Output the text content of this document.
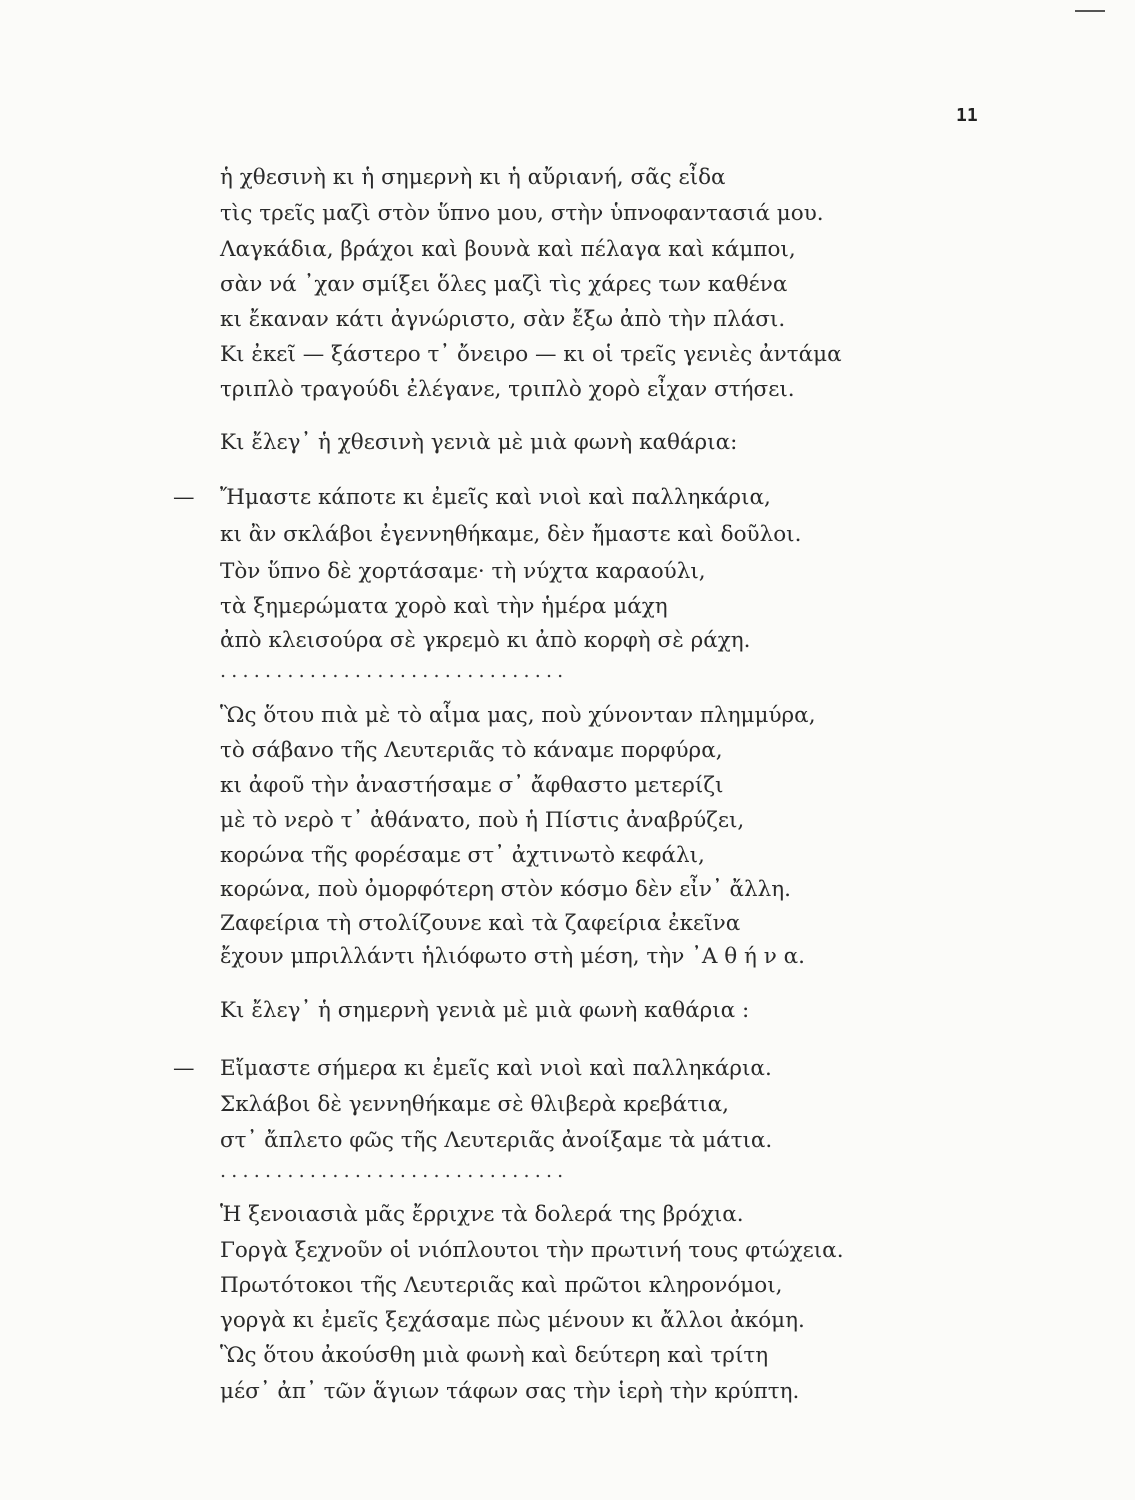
11
ἡ χθεσινὴ κι ἡ σημερνὴ κι ἡ αὔριανή, σᾶς εἶδα
τὶς τρεῖς μαζὶ στὸν ὕπνο μου, στὴν ὑπνοφαντασιά μου.
Λαγκάδια, βράχοι καὶ βουνὰ καὶ πέλαγα καὶ κάμποι,
σὰν νά ᾽χαν σμίξει ὅλες μαζὶ τὶς χάρες των καθένα
κι ἔκαναν κάτι ἀγνώριστο, σὰν ἔξω ἀπὸ τὴν πλάσι.
Κι ἐκεῖ — ξάστερο τ᾽ ὄνειρο — κι οἱ τρεῖς γενιὲς ἀντάμα
τριπλὸ τραγούδι ἐλέγανε, τριπλὸ χορὸ εἶχαν στήσει.
Κι ἔλεγ᾽ ἡ χθεσινὴ γενιὰ μὲ μιὰ φωνὴ καθάρια:
— Ἤμαστε κάποτε κι ἐμεῖς καὶ νιοὶ καὶ παλληκάρια,
κι ἂν σκλάβοι ἐγεννηθήκαμε, δὲν ἤμαστε καὶ δοῦλοι.
Τὸν ὕπνο δὲ χορτάσαμε· τὴ νύχτα καραούλι,
τὰ ξημερώματα χορὸ καὶ τὴν ἡμέρα μάχη
ἀπὸ κλεισούρα σὲ γκρεμὸ κι ἀπὸ κορφὴ σὲ ράχη.
...............................
Ὣς ὅτου πιὰ μὲ τὸ αἷμα μας, ποὺ χύνονταν πλημμύρα,
τὸ σάβανο τῆς Λευτεριᾶς τὸ κάναμε πορφύρα,
κι ἀφοῦ τὴν ἀναστήσαμε σ᾽ ἄφθαστο μετερίζι
μὲ τὸ νερὸ τ᾽ ἀθάνατο, ποὺ ἡ Πίστις ἀναβρύζει,
κορώνα τῆς φορέσαμε στ᾽ ἀχτινωτὸ κεφάλι,
κορώνα, ποὺ ὀμορφότερη στὸν κόσμο δὲν εἶν᾽ ἄλλη.
Ζαφείρια τὴ στολίζουνε καὶ τὰ ζαφείρια ἐκεῖνα
ἔχουν μπριλλάντι ἡλιόφωτο στὴ μέση, τὴν ᾽Α θ ή ν α.
Κι ἔλεγ᾽ ἡ σημερνὴ γενιὰ μὲ μιὰ φωνὴ καθάρια :
— Εἴμαστε σήμερα κι ἐμεῖς καὶ νιοὶ καὶ παλληκάρια.
Σκλάβοι δὲ γεννηθήκαμε σὲ θλιβερὰ κρεβάτια,
στ᾽ ἄπλετο φῶς τῆς Λευτεριᾶς ἀνοίξαμε τὰ μάτια.
...............................
Ἡ ξενοιασιὰ μᾶς ἔρριχνε τὰ δολερά της βρόχια.
Γοργὰ ξεχνοῦν οἱ νιόπλουτοι τὴν πρωτινή τους φτώχεια.
Πρωτότοκοι τῆς Λευτεριᾶς καὶ πρῶτοι κληρονόμοι,
γοργὰ κι ἐμεῖς ξεχάσαμε πὼς μένουν κι ἄλλοι ἀκόμη.
Ὣς ὅτου ἀκούσθη μιὰ φωνὴ καὶ δεύτερη καὶ τρίτη
μέσ᾽ ἀπ᾽ τῶν ἅγιων τάφων σας τὴν ἱερὴ τὴν κρύπτη.
